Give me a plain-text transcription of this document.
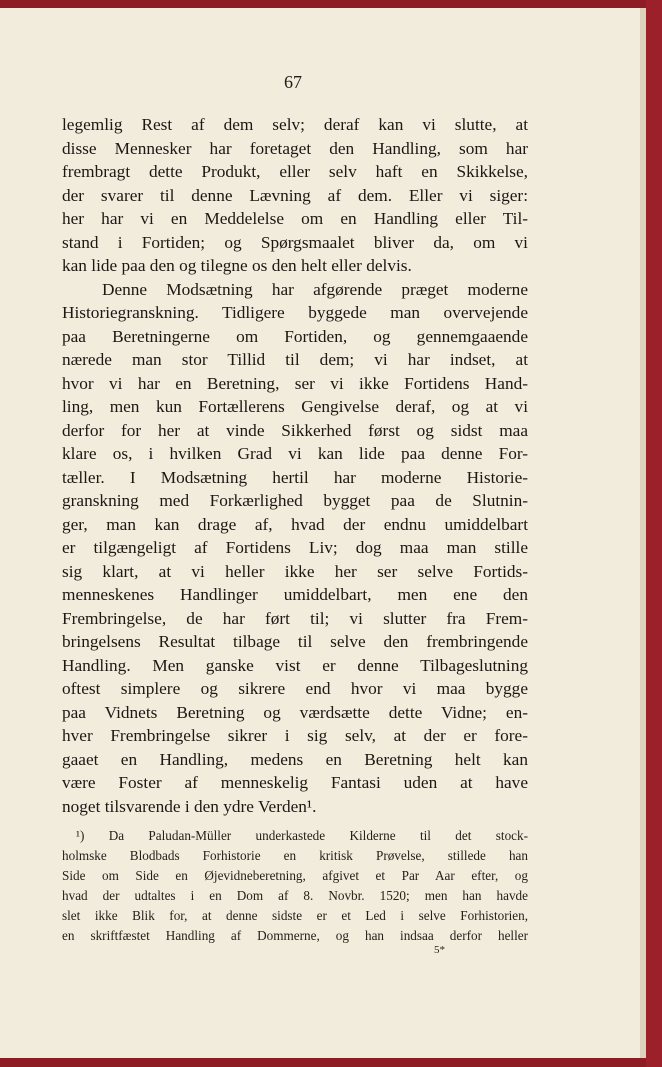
67
legemlig Rest af dem selv; deraf kan vi slutte, at
disse Mennesker har foretaget den Handling, som har
frembragt dette Produkt, eller selv haft en Skikkelse,
der svarer til denne Lævning af dem. Eller vi siger:
her har vi en Meddelelse om en Handling eller Til-
stand i Fortiden; og Spørgsmaalet bliver da, om vi
kan lide paa den og tilegne os den helt eller delvis.
Denne Modsætning har afgørende præget moderne
Historiegranskning. Tidligere byggede man overvejende
paa Beretningerne om Fortiden, og gennemgaaende
nærede man stor Tillid til dem; vi har indset, at
hvor vi har en Beretning, ser vi ikke Fortidens Hand-
ling, men kun Fortællerens Gengivelse deraf, og at vi
derfor for her at vinde Sikkerhed først og sidst maa
klare os, i hvilken Grad vi kan lide paa denne For-
tæller. I Modsætning hertil har moderne Historie-
granskning med Forkærlighed bygget paa de Slutnin-
ger, man kan drage af, hvad der endnu umiddelbart
er tilgængeligt af Fortidens Liv; dog maa man stille
sig klart, at vi heller ikke her ser selve Fortids-
menneskenes Handlinger umiddelbart, men ene den
Frembringelse, de har ført til; vi slutter fra Frem-
bringelsens Resultat tilbage til selve den frembringende
Handling. Men ganske vist er denne Tilbageslutning
oftest simplere og sikrere end hvor vi maa bygge
paa Vidnets Beretning og værdsætte dette Vidne; en-
hver Frembringelse sikrer i sig selv, at der er fore-
gaaet en Handling, medens en Beretning helt kan
være Foster af menneskelig Fantasi uden at have
noget tilsvarende i den ydre Verden¹.
¹) Da Paludan-Müller underkastede Kilderne til det stock-
holmske Blodbads Forhistorie en kritisk Prøvelse, stillede han
Side om Side en Øjevidneberetning, afgivet et Par Aar efter, og
hvad der udtaltes i en Dom af 8. Novbr. 1520; men han havde
slet ikke Blik for, at denne sidste er et Led i selve Forhistorien,
en skriftfæstet Handling af Dommerne, og han indsaa derfor heller
5*
